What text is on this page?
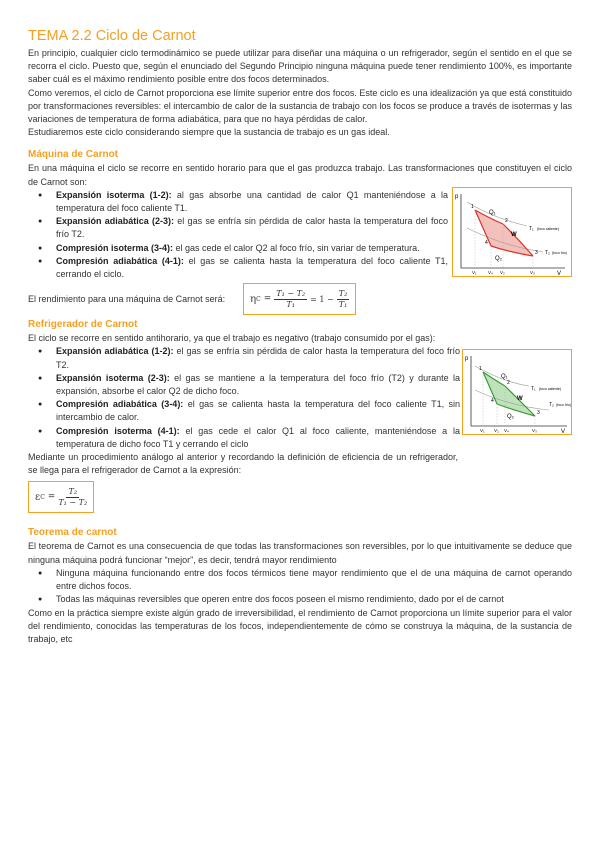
TEMA 2.2 Ciclo de Carnot

En principio, cualquier ciclo termodinámico se puede utilizar para diseñar una máquina o un refrigerador, según el sentido en el que se recorra el ciclo. Puesto que, según el enunciado del Segundo Principio ninguna máquina puede tener rendimiento 100%, es importante saber cuál es el máximo rendimiento posible entre dos focos determinados.

Como veremos, el ciclo de Carnot proporciona ese límite superior entre dos focos. Este ciclo es una idealización ya que está constituido por transformaciones reversibles: el intercambio de calor de la sustancia de trabajo con los focos se produce a través de isotermas y las variaciones de temperatura de forma adiabática, para que no haya pérdidas de calor.

Estudiaremos este ciclo considerando siempre que la sustancia de trabajo es un gas ideal.

Máquina de Carnot

En una máquina el ciclo se recorre en sentido horario para que el gas produzca trabajo. Las transformaciones que constituyen el ciclo de Carnot son:

● Expansión isoterma (1-2): al gas absorbe una cantidad de calor Q1 manteniéndose a la temperatura del foco caliente T1.
● Expansión adiabática (2-3): el gas se enfría sin pérdida de calor hasta la temperatura del foco frío T2.
● Compresión isoterma (3-4): el gas cede el calor Q2 al foco frío, sin variar de temperatura.
● Compresión adiabática (4-1): el gas se calienta hasta la temperatura del foco caliente T1, cerrando el ciclo.
p
V
Q₁
Q₂
W
1
2
3
4
T₁ (foco caliente)
T₂ (foco frío)
V₁	V₄ V₂	V₃

El rendimiento para una máquina de Carnot será:	η $C = \frac{\text{T₁ − T₂}}{\text{T₁}} = 1 - \frac{\text{T₂}}{\text{T₁}}$
Refrigerador de Carnot

El ciclo se recorre en sentido antihorario, ya que el trabajo es negativo (trabajo consumido por el gas):

● Expansión adiabática (1-2): el gas se enfría sin pérdida de calor hasta la temperatura del foco frío T2.
● Expansión isoterma (2-3): el gas se mantiene a la temperatura del foco frío (T2) y durante la expansión, absorbe el calor Q2 de dicho foco.
● Compresión adiabática (3-4): el gas se calienta hasta la temperatura del foco caliente T1, sin intercambio de calor.
● Compresión isoterma (4-1): el gas cede el calor Q1 al foco caliente, manteniéndose a la temperatura de dicho foco T1 y cerrando el ciclo
p
V
Q₁
Q₂
W
1
2
3
4
T₁ (foco caliente)
T₂ (foco frío)
V₁ V₂ V₄	V₃

Mediante un procedimiento análogo al anterior y recordando la definición de eficiencia de un refrigerador, se llega para el refrigerador de Carnot a la expresión:

ε $C = \frac{\text{T₂}}{\text{T₁ − T₂}}$
Teorema de carnot

El teorema de Carnot es una consecuencia de que todas las transformaciones son reversibles, por lo que intuitivamente se deduce que ninguna máquina podrá funcionar “mejor”, es decir, tendrá mayor rendimiento

● Ninguna máquina funcionando entre dos focos térmicos tiene mayor rendimiento que el de una máquina de carnot operando entre dichos focos.
● Todas las máquinas reversibles que operen entre dos focos poseen el mismo rendimiento, dado por el de carnot

Como en la práctica siempre existe algún grado de irreversibilidad, el rendimiento de Carnot proporciona un límite superior para el valor del rendimiento, conocidas las temperaturas de los focos, independientemente de cómo se construya la máquina, de la sustancia de trabajo, etc
